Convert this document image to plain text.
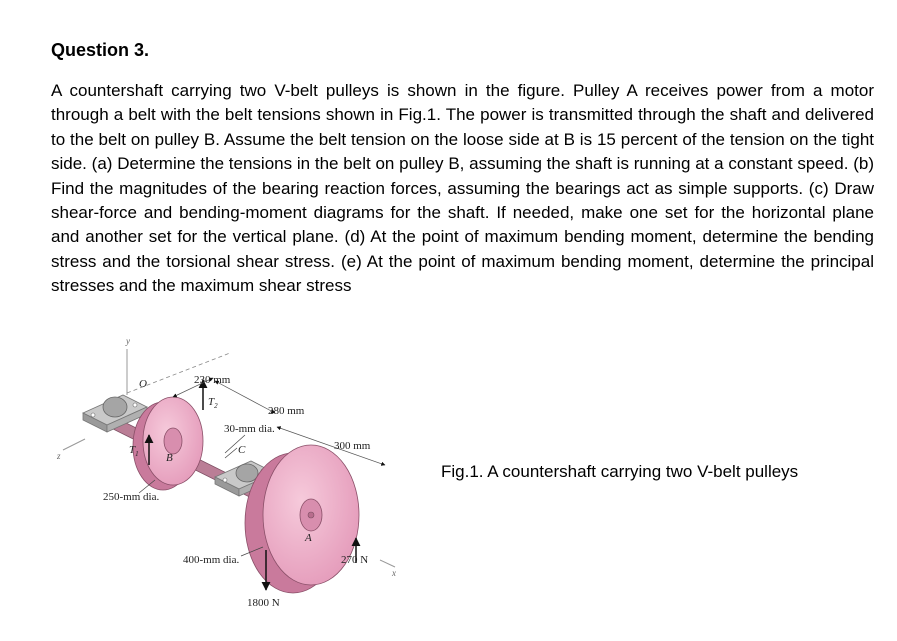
Question 3.
A countershaft carrying two V-belt pulleys is shown in the figure. Pulley A receives power from a motor through a belt with the belt tensions shown in Fig.1. The power is transmitted through the shaft and delivered to the belt on pulley B. Assume the belt tension on the loose side at B is 15 percent of the tension on the tight side. (a) Determine the tensions in the belt on pulley B, assuming the shaft is running at a constant speed. (b) Find the magnitudes of the bearing reaction forces, assuming the bearings act as simple supports. (c) Draw shear-force and bending-moment diagrams for the shaft. If needed, make one set for the horizontal plane and another set for the vertical plane. (d) At the point of maximum bending moment, determine the bending stress and the torsional shear stress. (e) At the point of maximum bending moment, determine the principal stresses and the maximum shear stress
y
z
x
O
B
$T_1$
$T_2$
C
A
1800 N
270 N
230 mm
280 mm
300 mm
30-mm dia.
250-mm dia.
400-mm dia.
Fig.1. A countershaft carrying two V-belt pulleys
